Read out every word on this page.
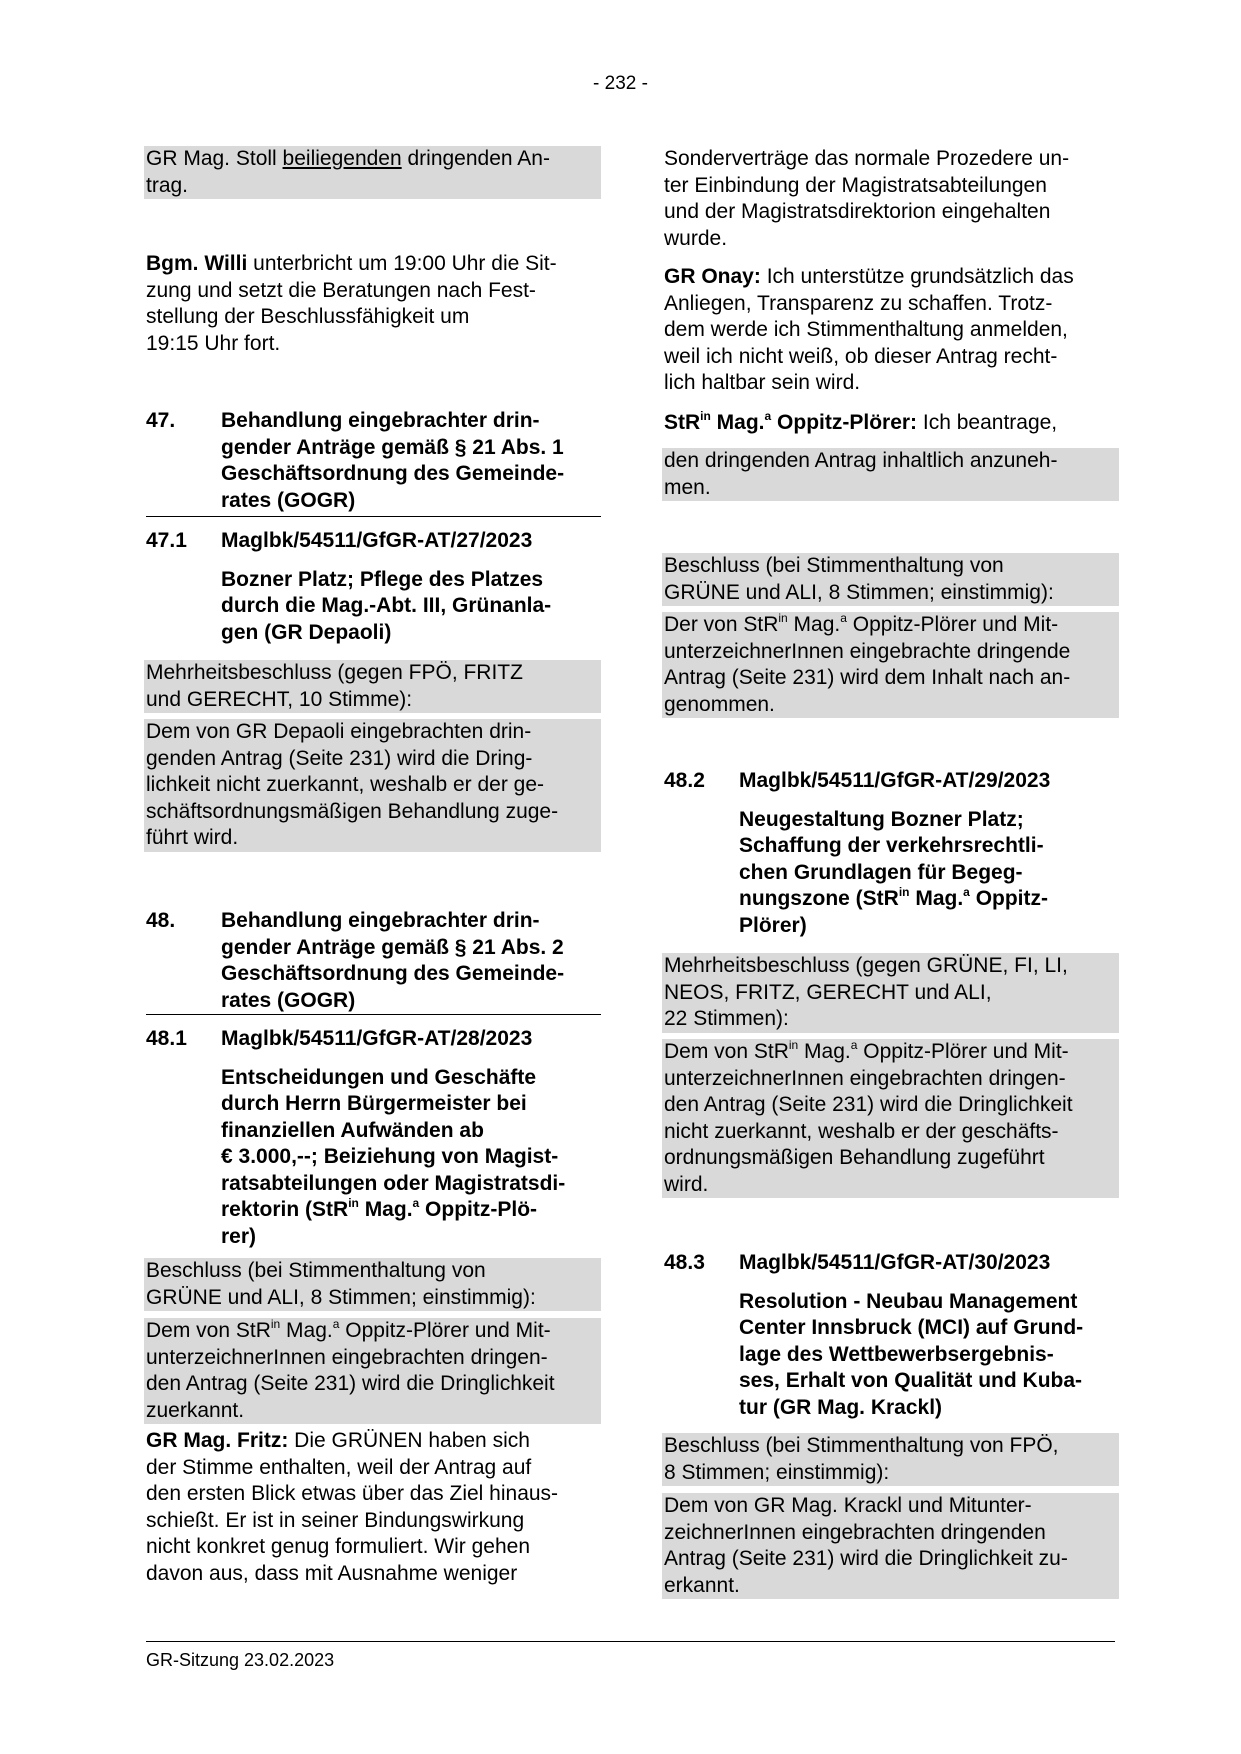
- 232 -
GR Mag. Stoll beiliegenden dringenden An-
trag.
Bgm. Willi unterbricht um 19:00 Uhr die Sit-
zung und setzt die Beratungen nach Fest-
stellung der Beschlussfähigkeit um
19:15 Uhr fort.
47. Behandlung eingebrachter drin-
gender Anträge gemäß § 21 Abs. 1
Geschäftsordnung des Gemeinde-
rates (GOGR)
47.1 Maglbk/54511/GfGR-AT/27/2023
Bozner Platz; Pflege des Platzes
durch die Mag.-Abt. III, Grünanla-
gen (GR Depaoli)
Mehrheitsbeschluss (gegen FPÖ, FRITZ
und GERECHT, 10 Stimme):
Dem von GR Depaoli eingebrachten drin-
genden Antrag (Seite 231) wird die Dring-
lichkeit nicht zuerkannt, weshalb er der ge-
schäftsordnungsmäßigen Behandlung zuge-
führt wird.
48. Behandlung eingebrachter drin-
gender Anträge gemäß § 21 Abs. 2
Geschäftsordnung des Gemeinde-
rates (GOGR)
48.1 Maglbk/54511/GfGR-AT/28/2023
Entscheidungen und Geschäfte
durch Herrn Bürgermeister bei
finanziellen Aufwänden ab
€ 3.000,--; Beiziehung von Magist-
ratsabteilungen oder Magistratsdi-
rektorin (StR$^{in}$ Mag.$^a$ Oppitz-Plö-
rer)
Beschluss (bei Stimmenthaltung von
GRÜNE und ALI, 8 Stimmen; einstimmig):
Dem von StR$^{in}$ Mag.$^a$ Oppitz-Plörer und Mit-
unterzeichnerInnen eingebrachten dringen-
den Antrag (Seite 231) wird die Dringlichkeit
zuerkannt.
GR Mag. Fritz: Die GRÜNEN haben sich
der Stimme enthalten, weil der Antrag auf
den ersten Blick etwas über das Ziel hinaus-
schießt. Er ist in seiner Bindungswirkung
nicht konkret genug formuliert. Wir gehen
davon aus, dass mit Ausnahme weniger
Sonderverträge das normale Prozedere un-
ter Einbindung der Magistratsabteilungen
und der Magistratsdirektorion eingehalten
wurde.
GR Onay: Ich unterstütze grundsätzlich das
Anliegen, Transparenz zu schaffen. Trotz-
dem werde ich Stimmenthaltung anmelden,
weil ich nicht weiß, ob dieser Antrag recht-
lich haltbar sein wird.
StR$^{in}$ Mag.$^a$ Oppitz-Plörer: Ich beantrage,
den dringenden Antrag inhaltlich anzuneh-
men.
Beschluss (bei Stimmenthaltung von
GRÜNE und ALI, 8 Stimmen; einstimmig):
Der von StR$^{in}$ Mag.$^a$ Oppitz-Plörer und Mit-
unterzeichnerInnen eingebrachte dringende
Antrag (Seite 231) wird dem Inhalt nach an-
genommen.
48.2 Maglbk/54511/GfGR-AT/29/2023
Neugestaltung Bozner Platz;
Schaffung der verkehrsrechtli-
chen Grundlagen für Begeg-
nungszone (StR$^{in}$ Mag.$^a$ Oppitz-
Plörer)
Mehrheitsbeschluss (gegen GRÜNE, FI, LI,
NEOS, FRITZ, GERECHT und ALI,
22 Stimmen):
Dem von StR$^{in}$ Mag.$^a$ Oppitz-Plörer und Mit-
unterzeichnerInnen eingebrachten dringen-
den Antrag (Seite 231) wird die Dringlichkeit
nicht zuerkannt, weshalb er der geschäfts-
ordnungsmäßigen Behandlung zugeführt
wird.
48.3 Maglbk/54511/GfGR-AT/30/2023
Resolution - Neubau Management
Center Innsbruck (MCI) auf Grund-
lage des Wettbewerbsergebnis-
ses, Erhalt von Qualität und Kuba-
tur (GR Mag. Krackl)
Beschluss (bei Stimmenthaltung von FPÖ,
8 Stimmen; einstimmig):
Dem von GR Mag. Krackl und Mitunter-
zeichnerInnen eingebrachten dringenden
Antrag (Seite 231) wird die Dringlichkeit zu-
erkannt.
GR-Sitzung 23.02.2023
